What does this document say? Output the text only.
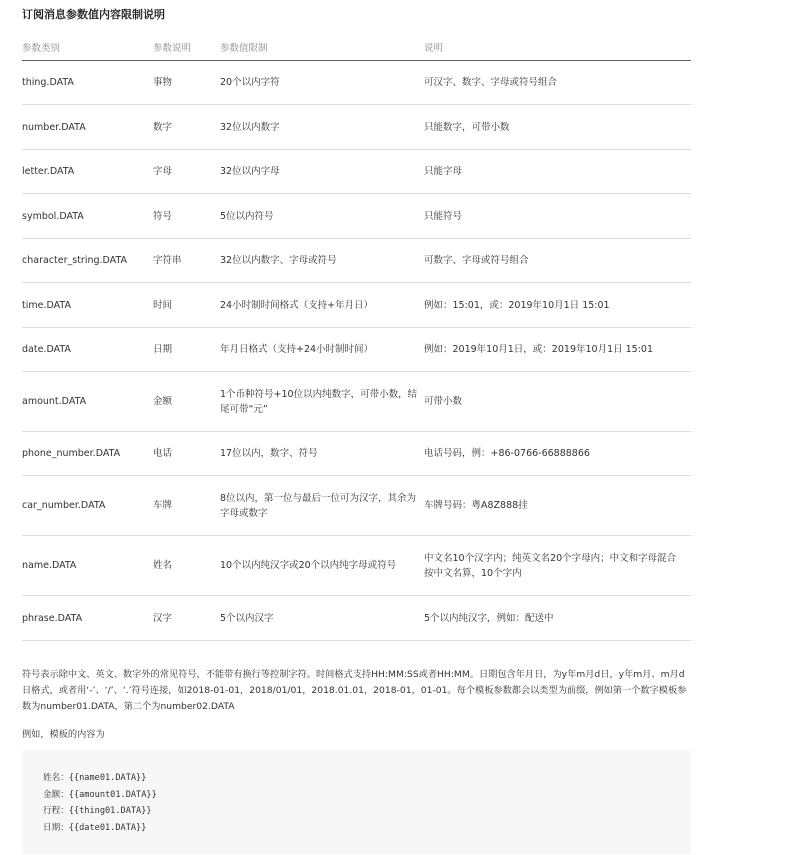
订阅消息参数值内容限制说明
参数类别	参数说明	参数值限制	说明
thing.DATA	事物	20个以内字符	可汉字、数字、字母或符号组合
number.DATA	数字	32位以内数字	只能数字，可带小数
letter.DATA	字母	32位以内字母	只能字母
symbol.DATA	符号	5位以内符号	只能符号
character_string.DATA	字符串	32位以内数字、字母或符号	可数字、字母或符号组合
time.DATA	时间	24小时制时间格式（支持+年月日）	例如：15:01，或：2019年10月1日 15:01
date.DATA	日期	年月日格式（支持+24小时制时间）	例如：2019年10月1日，或：2019年10月1日 15:01
amount.DATA	金额	1个币种符号+10位以内纯数字，可带小数，结尾可带“元”	可带小数
phone_number.DATA	电话	17位以内，数字、符号	电话号码，例：+86-0766-66888866
car_number.DATA	车牌	8位以内，第一位与最后一位可为汉字，其余为字母或数字	车牌号码：粤A8Z888挂
name.DATA	姓名	10个以内纯汉字或20个以内纯字母或符号	中文名10个汉字内；纯英文名20个字母内；中文和字母混合按中文名算，10个字内
phrase.DATA	汉字	5个以内汉字	5个以内纯汉字，例如：配送中

符号表示除中文、英文、数字外的常见符号，不能带有换行等控制字符。时间格式支持HH:MM:SS或者HH:MM。日期包含年月日，为y年m月d日，y年m月、m月d日格式，或者用‘-’、‘/’、‘.’符号连接，如2018-01-01，2018/01/01，2018.01.01，2018-01，01-01。每个模板参数都会以类型为前缀，例如第一个数字模板参数为number01.DATA，第二个为number02.DATA

例如，模板的内容为
姓名：{{name01.DATA}}
金额：{{amount01.DATA}}
行程：{{thing01.DATA}}
日期：{{date01.DATA}}
